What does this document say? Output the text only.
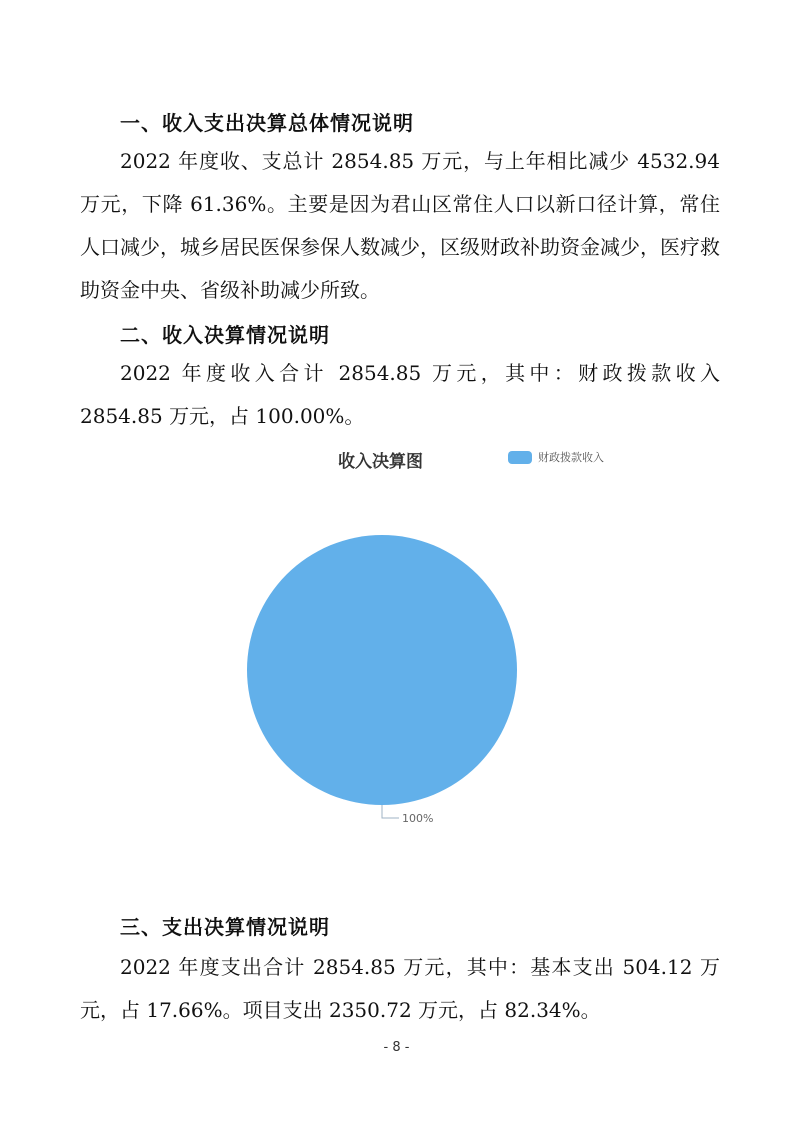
一、收入支出决算总体情况说明

2022 年度收、支总计 2854.85 万元，与上年相比减少 4532.94 万元，下降 61.36%。主要是因为君山区常住人口以新口径计算，常住人口减少，城乡居民医保参保人数减少，区级财政补助资金减少，医疗救助资金中央、省级补助减少所致。

二、收入决算情况说明

2022 年度收入合计 2854.85 万元，其中：财政拨款收入 2854.85 万元，占 100.00%。

收入决算图	财政拨款收入
100%
三、支出决算情况说明

2022 年度支出合计 2854.85 万元，其中：基本支出 504.12 万元，占 17.66%。项目支出 2350.72 万元，占 82.34%。

- 8 -
